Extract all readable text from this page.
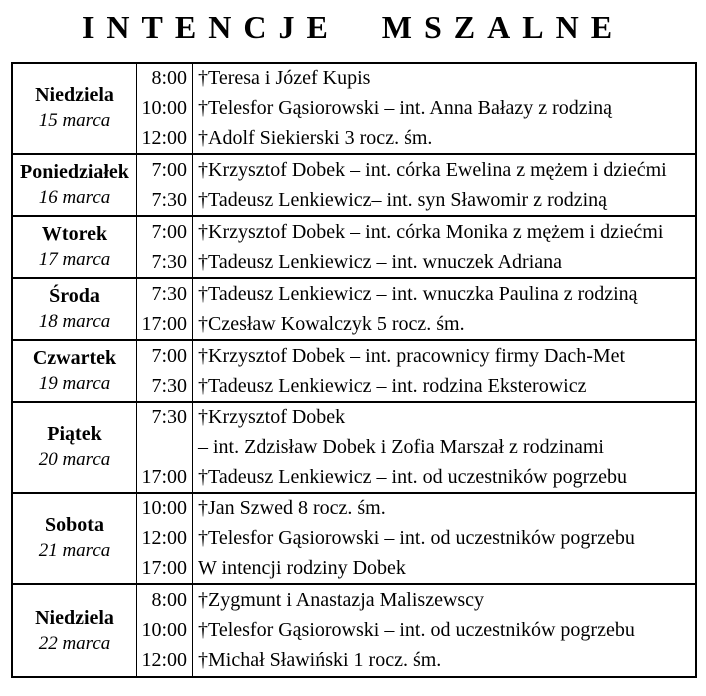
INTENCJE MSZALNE
Niedziela
15 marca
8:00 †Teresa i Józef Kupis
10:00 †Telesfor Gąsiorowski – int. Anna Bałazy z rodziną
12:00 †Adolf Siekierski 3 rocz. śm.
Poniedziałek
16 marca
7:00 †Krzysztof Dobek – int. córka Ewelina z mężem i dziećmi
7:30 †Tadeusz Lenkiewicz– int. syn Sławomir z rodziną
Wtorek
17 marca
7:00 †Krzysztof Dobek – int. córka Monika z mężem i dziećmi
7:30 †Tadeusz Lenkiewicz – int. wnuczek Adriana
Środa
18 marca
7:30 †Tadeusz Lenkiewicz – int. wnuczka Paulina z rodziną
17:00 †Czesław Kowalczyk 5 rocz. śm.
Czwartek
19 marca
7:00 †Krzysztof Dobek – int. pracownicy firmy Dach-Met
7:30 †Tadeusz Lenkiewicz – int. rodzina Eksterowicz
Piątek
20 marca
7:30 †Krzysztof Dobek
– int. Zdzisław Dobek i Zofia Marszał z rodzinami
17:00 †Tadeusz Lenkiewicz – int. od uczestników pogrzebu
Sobota
21 marca
10:00 †Jan Szwed 8 rocz. śm.
12:00 †Telesfor Gąsiorowski – int. od uczestników pogrzebu
17:00 W intencji rodziny Dobek
Niedziela
22 marca
8:00 †Zygmunt i Anastazja Maliszewscy
10:00 †Telesfor Gąsiorowski – int. od uczestników pogrzebu
12:00 †Michał Sławiński 1 rocz. śm.
